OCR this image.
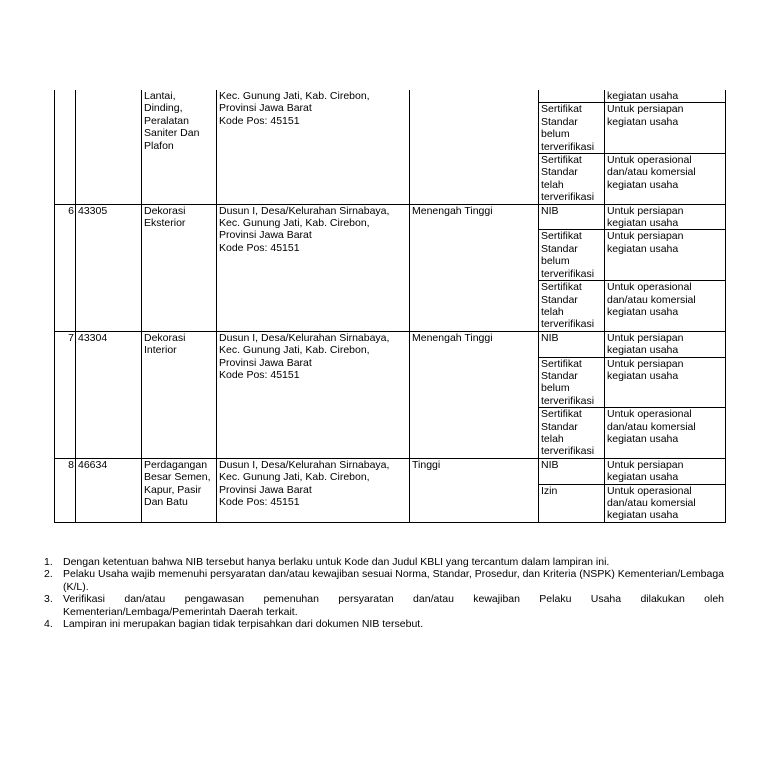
		Lantai,
Dinding,
Peralatan
Saniter Dan
Plafon	Kec. Gunung Jati, Kab. Cirebon,
Provinsi Jawa Barat
Kode Pos: 45151			kegiatan usaha

					Sertifikat
Standar
belum
terverifikasi	Untuk persiapan
kegiatan usaha

					Sertifikat
Standar
telah
terverifikasi	Untuk operasional
dan/atau komersial
kegiatan usaha

6	43305	Dekorasi
Eksterior	Dusun I, Desa/Kelurahan Sirnabaya,
Kec. Gunung Jati, Kab. Cirebon,
Provinsi Jawa Barat
Kode Pos: 45151	Menengah Tinggi	NIB	Untuk persiapan
kegiatan usaha

					Sertifikat
Standar
belum
terverifikasi	Untuk persiapan
kegiatan usaha

					Sertifikat
Standar
telah
terverifikasi	Untuk operasional
dan/atau komersial
kegiatan usaha

7	43304	Dekorasi
Interior	Dusun I, Desa/Kelurahan Sirnabaya,
Kec. Gunung Jati, Kab. Cirebon,
Provinsi Jawa Barat
Kode Pos: 45151	Menengah Tinggi	NIB	Untuk persiapan
kegiatan usaha

					Sertifikat
Standar
belum
terverifikasi	Untuk persiapan
kegiatan usaha

					Sertifikat
Standar
telah
terverifikasi	Untuk operasional
dan/atau komersial
kegiatan usaha

8	46634	Perdagangan
Besar Semen,
Kapur, Pasir
Dan Batu	Dusun I, Desa/Kelurahan Sirnabaya,
Kec. Gunung Jati, Kab. Cirebon,
Provinsi Jawa Barat
Kode Pos: 45151	Tinggi	NIB	Untuk persiapan
kegiatan usaha

					Izin	Untuk operasional
dan/atau komersial
kegiatan usaha
1. Dengan ketentuan bahwa NIB tersebut hanya berlaku untuk Kode dan Judul KBLI yang tercantum dalam lampiran ini.
2. Pelaku Usaha wajib memenuhi persyaratan dan/atau kewajiban sesuai Norma, Standar, Prosedur, dan Kriteria (NSPK) Kementerian/Lembaga (K/L).
3. Verifikasi dan/atau pengawasan pemenuhan persyaratan dan/atau kewajiban Pelaku Usaha dilakukan oleh Kementerian/Lembaga/Pemerintah Daerah terkait.
4. Lampiran ini merupakan bagian tidak terpisahkan dari dokumen NIB tersebut.
